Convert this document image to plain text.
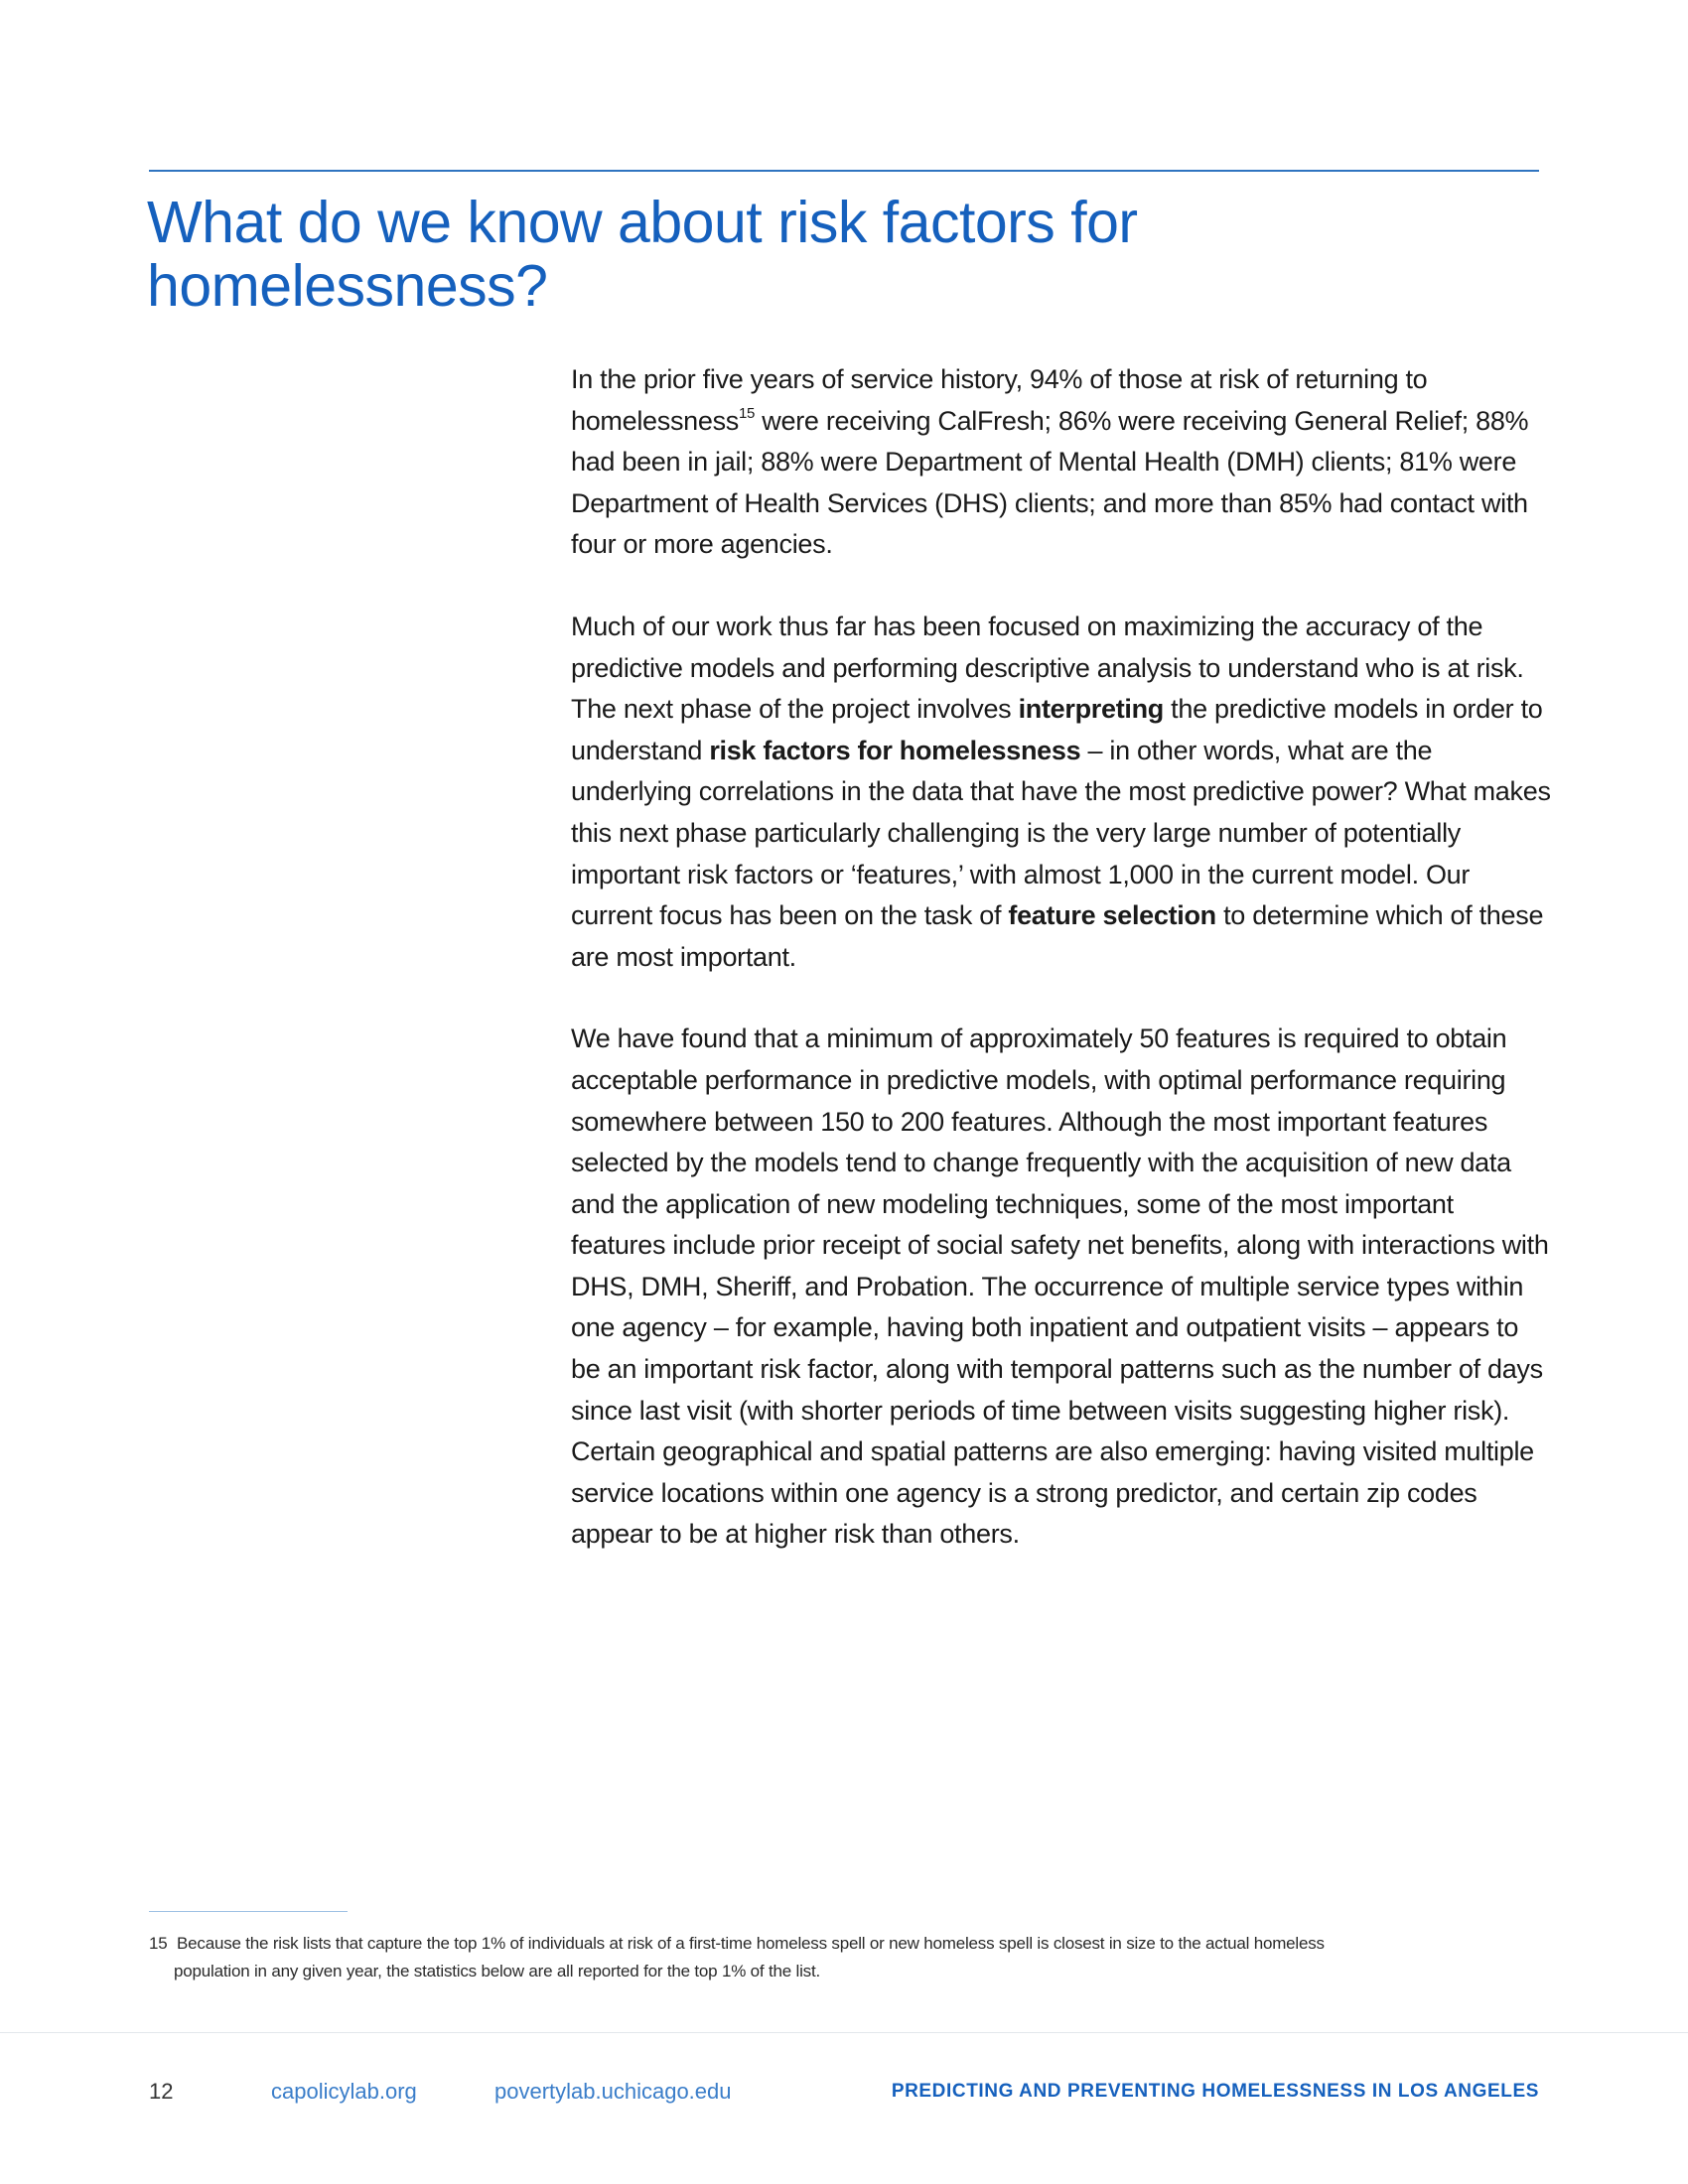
What do we know about risk factors for
homelessness?

In the prior five years of service history, 94% of those at risk of returning to homelessness$^{15}$ were receiving CalFresh; 86% were receiving General Relief; 88% had been in jail; 88% were Department of Mental Health (DMH) clients; 81% were Department of Health Services (DHS) clients; and more than 85% had contact with four or more agencies.

Much of our work thus far has been focused on maximizing the accuracy of the predictive models and performing descriptive analysis to understand who is at risk. The next phase of the project involves interpreting the predictive models in order to understand risk factors for homelessness – in other words, what are the underlying correlations in the data that have the most predictive power? What makes this next phase particularly challenging is the very large number of potentially important risk factors or ‘features,’ with almost 1,000 in the current model. Our current focus has been on the task of feature selection to determine which of these are most important.

We have found that a minimum of approximately 50 features is required to obtain acceptable performance in predictive models, with optimal performance requiring somewhere between 150 to 200 features. Although the most important features selected by the models tend to change frequently with the acquisition of new data and the application of new modeling techniques, some of the most important features include prior receipt of social safety net benefits, along with interactions with DHS, DMH, Sheriff, and Probation. The occurrence of multiple service types within one agency – for example, having both inpatient and outpatient visits – appears to be an important risk factor, along with temporal patterns such as the number of days since last visit (with shorter periods of time between visits suggesting higher risk). Certain geographical and spatial patterns are also emerging: having visited multiple service locations within one agency is a strong predictor, and certain zip codes appear to be at higher risk than others.

15 Because the risk lists that capture the top 1% of individuals at risk of a first-time homeless spell or new homeless spell is closest in size to the actual homeless
population in any given year, the statistics below are all reported for the top 1% of the list.
12	capolicylab.org	povertylab.uchicago.edu	PREDICTING AND PREVENTING HOMELESSNESS IN LOS ANGELES
